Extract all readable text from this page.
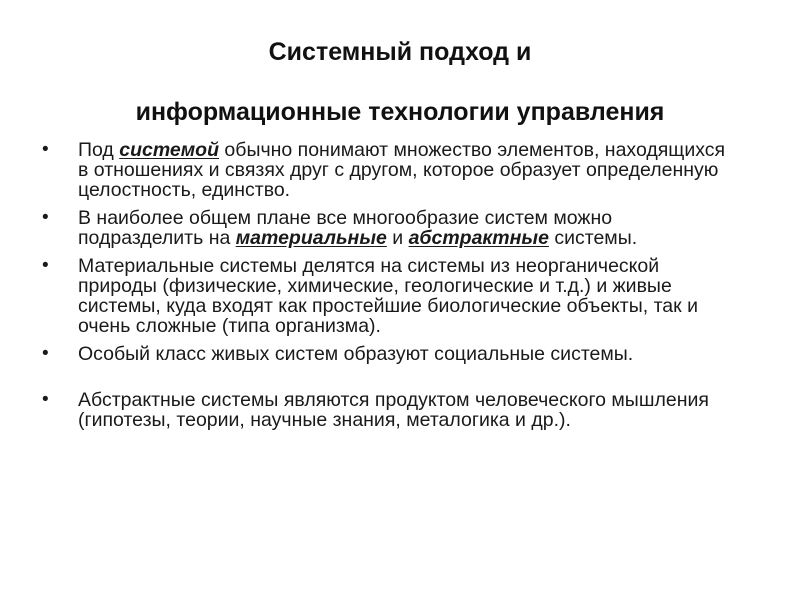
Системный подход и
информационные технологии управления
• Под системой обычно понимают множество элементов, находящихся в отношениях и связях друг с другом, которое образует определенную целостность, единство.
• В наиболее общем плане все многообразие систем можно подразделить на материальные и абстрактные системы.
• Материальные системы делятся на системы из неорганической природы (физические, химические, геологические и т.д.) и живые системы, куда входят как простейшие биологические объекты, так и очень сложные (типа организма).
• Особый класс живых систем образуют социальные системы.
• Абстрактные системы являются продуктом человеческого мышления (гипотезы, теории, научные знания, металогика и др.).
